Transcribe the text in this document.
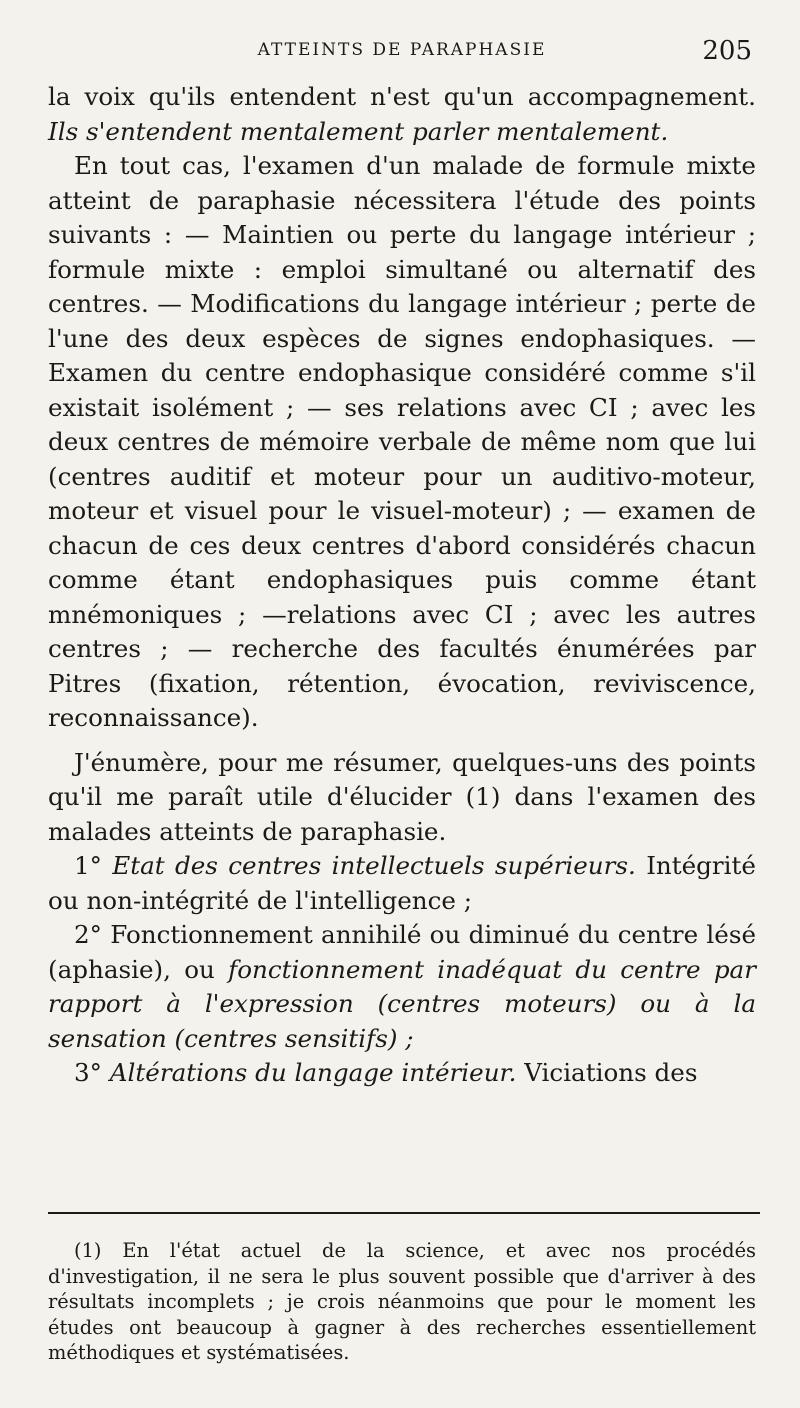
ATTEINTS DE PARAPHASIE	205

la voix qu'ils entendent n'est qu'un accompagnement. Ils s'entendent mentalement parler mentalement.

En tout cas, l'examen d'un malade de formule mixte atteint de paraphasie nécessitera l'étude des points suivants : — Maintien ou perte du langage intérieur ; formule mixte : emploi simultané ou alternatif des centres. — Modifications du langage intérieur ; perte de l'une des deux espèces de signes endophasiques. — Examen du centre endophasique considéré comme s'il existait isolément ; — ses relations avec CI ; avec les deux centres de mémoire verbale de même nom que lui (centres auditif et moteur pour un auditivo-moteur, moteur et visuel pour le visuel-moteur) ; — examen de chacun de ces deux centres d'abord considérés chacun comme étant endophasiques puis comme étant mnémoniques ; —relations avec CI ; avec les autres centres ; — recherche des facultés énumérées par Pitres (fixation, rétention, évocation, reviviscence, reconnaissance).

J'énumère, pour me résumer, quelques-uns des points qu'il me paraît utile d'élucider (1) dans l'examen des malades atteints de paraphasie.

1° Etat des centres intellectuels supérieurs. Intégrité ou non-intégrité de l'intelligence ;

2° Fonctionnement annihilé ou diminué du centre lésé (aphasie), ou fonctionnement inadéquat du centre par rapport à l'expression (centres moteurs) ou à la sensation (centres sensitifs) ;

3° Altérations du langage intérieur. Viciations des

(1) En l'état actuel de la science, et avec nos procédés d'investigation, il ne sera le plus souvent possible que d'arriver à des résultats incomplets ; je crois néanmoins que pour le moment les études ont beaucoup à gagner à des recherches essentiellement méthodiques et systématisées.
